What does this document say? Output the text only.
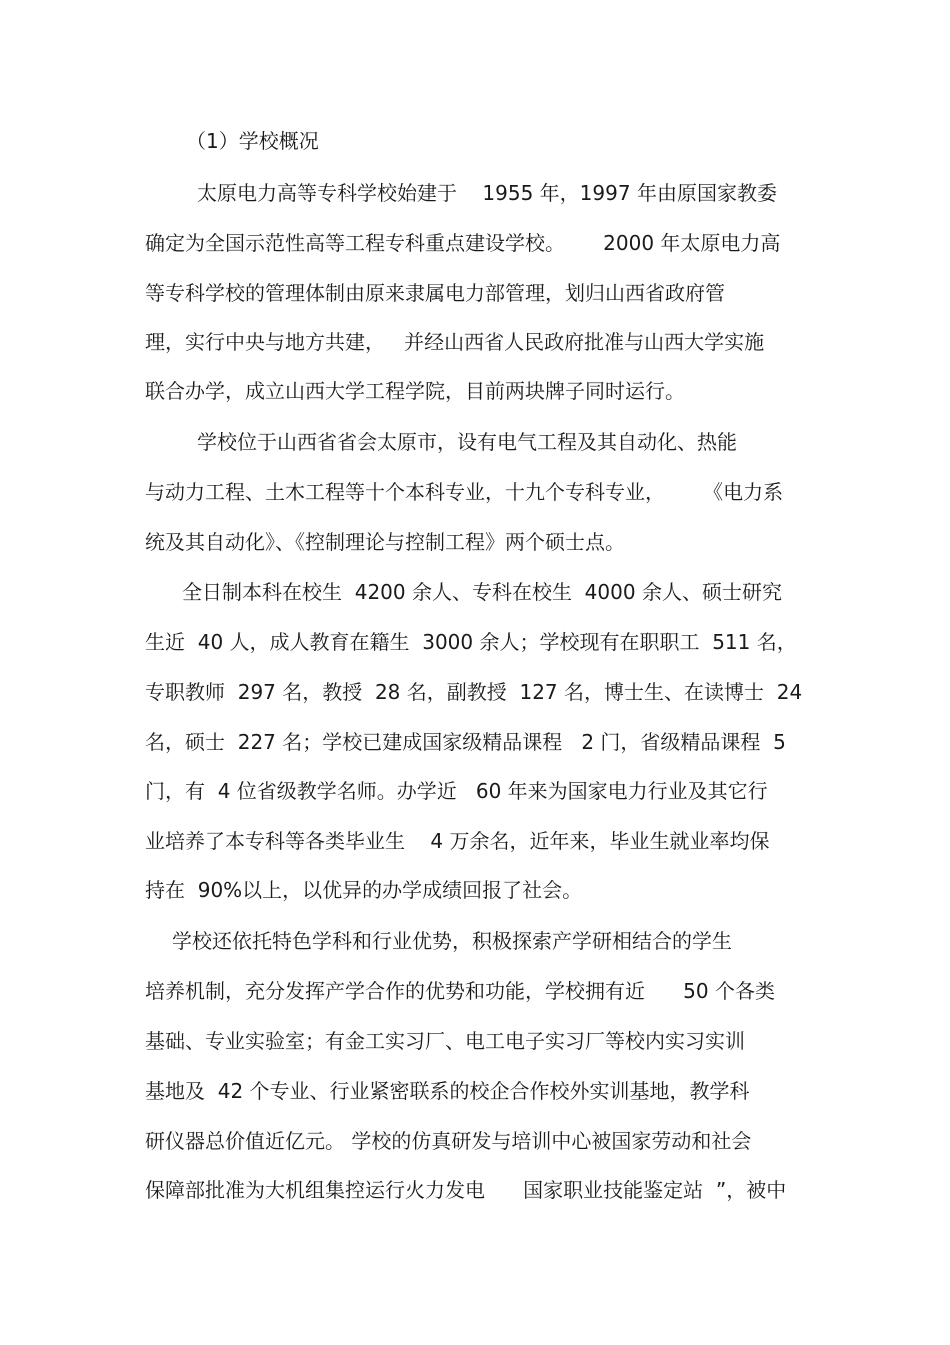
（1）学校概况
太原电力高等专科学校始建于    1955 年，1997 年由原国家教委
确定为全国示范性高等工程专科重点建设学校。      2000 年太原电力高
等专科学校的管理体制由原来隶属电力部管理，划归山西省政府管
理，实行中央与地方共建，   并经山西省人民政府批准与山西大学实施
联合办学，成立山西大学工程学院，目前两块牌子同时运行。
学校位于山西省省会太原市，设有电气工程及其自动化、热能
与动力工程、土木工程等十个本科专业，十九个专科专业，      《电力系
统及其自动化》、《控制理论与控制工程》两个硕士点。
全日制本科在校生  4200 余人、专科在校生  4000 余人、硕士研究
生近  40 人，成人教育在籍生  3000 余人；学校现有在职职工  511 名，
专职教师  297 名，教授  28 名，副教授  127 名，博士生、在读博士  24
名，硕士  227 名；学校已建成国家级精品课程   2 门，省级精品课程  5
门，有  4 位省级教学名师。办学近   60 年来为国家电力行业及其它行
业培养了本专科等各类毕业生    4 万余名，近年来，毕业生就业率均保
持在  90%以上，以优异的办学成绩回报了社会。
学校还依托特色学科和行业优势，积极探索产学研相结合的学生
培养机制，充分发挥产学合作的优势和功能，学校拥有近      50 个各类
基础、专业实验室；有金工实习厂、电工电子实习厂等校内实习实训
基地及  42 个专业、行业紧密联系的校企合作校外实训基地，教学科
研仪器总价值近亿元。 学校的仿真研发与培训中心被国家劳动和社会
保障部批准为大机组集控运行火力发电      国家职业技能鉴定站  ”，被中
